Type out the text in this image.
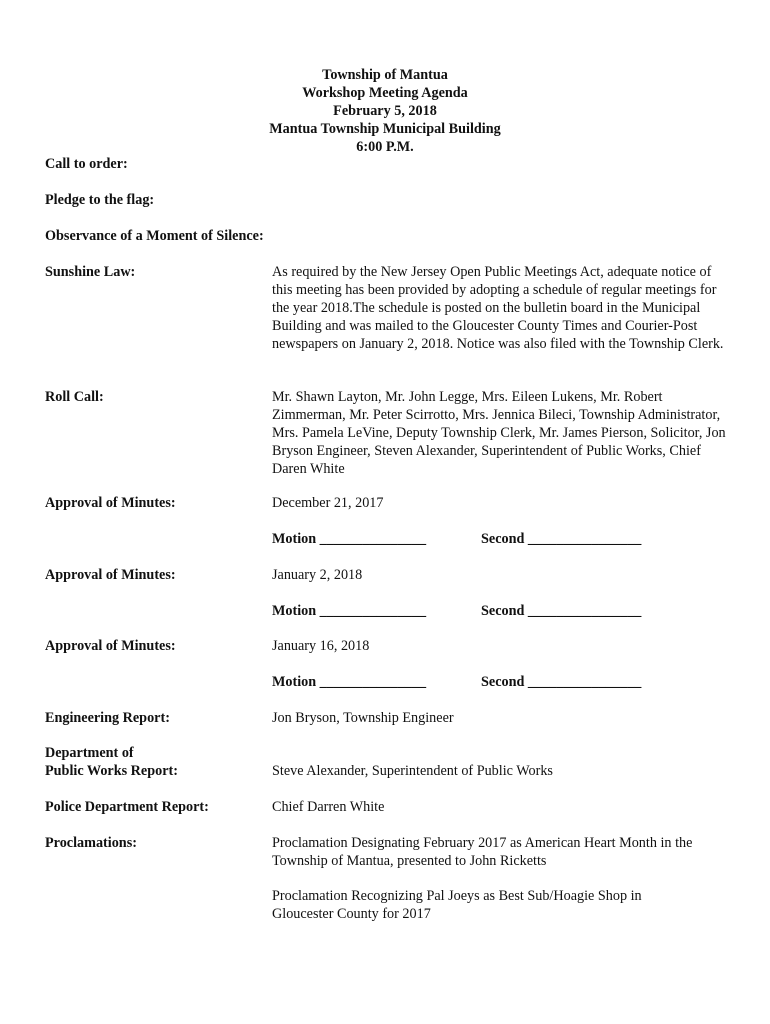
Township of Mantua
Workshop Meeting Agenda
February 5, 2018
Mantua Township Municipal Building
6:00 P.M.
Call to order:
Pledge to the flag:
Observance of a Moment of Silence:
Sunshine Law:	As required by the New Jersey Open Public Meetings Act, adequate notice of this meeting has been provided by adopting a schedule of regular meetings for the year 2018.The schedule is posted on the bulletin board in the Municipal Building and was mailed to the Gloucester County Times and Courier-Post newspapers on January 2, 2018. Notice was also filed with the Township Clerk.

Roll Call:	Mr. Shawn Layton, Mr. John Legge, Mrs. Eileen Lukens, Mr. Robert Zimmerman, Mr. Peter Scirrotto, Mrs. Jennica Bileci, Township Administrator, Mrs. Pamela LeVine, Deputy Township Clerk, Mr. James Pierson, Solicitor, Jon Bryson Engineer, Steven Alexander, Superintendent of Public Works, Chief Daren White

Approval of Minutes:	December 21, 2017
Motion _______________	Second ________________
Approval of Minutes:	January 2, 2018
Motion _______________	Second ________________
Approval of Minutes:	January 16, 2018
Motion _______________	Second ________________
Engineering Report:	Jon Bryson, Township Engineer
Department of
Public Works Report:	Steve Alexander, Superintendent of Public Works
Police Department Report:	Chief Darren White
Proclamations:	Proclamation Designating February 2017 as American Heart Month in the Township of Mantua, presented to John Ricketts
Proclamation Recognizing Pal Joeys as Best Sub/Hoagie Shop in Gloucester County for 2017
